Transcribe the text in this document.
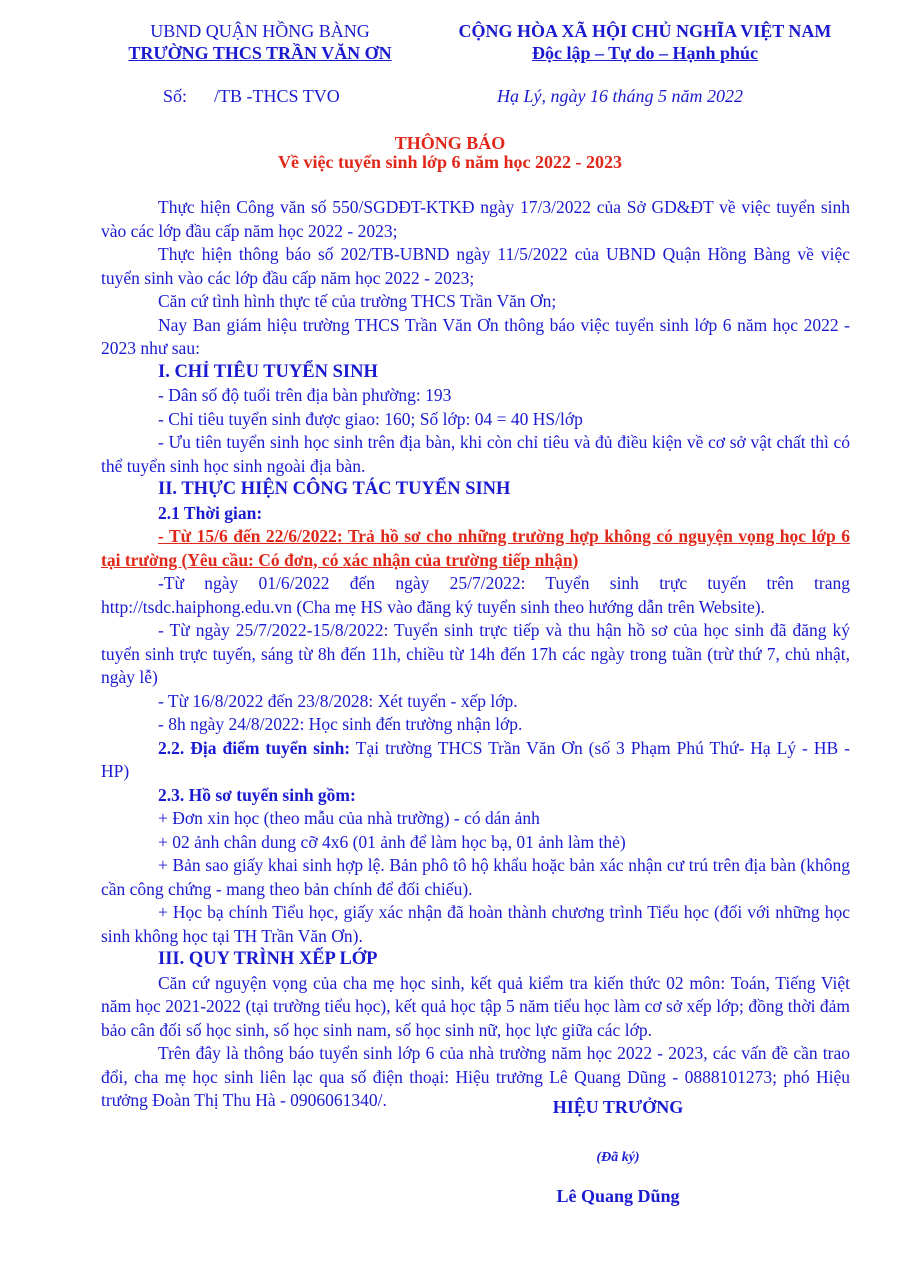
UBND QUẬN HỒNG BÀNG
TRƯỜNG THCS TRẦN VĂN ƠN
CỘNG HÒA XÃ HỘI CHỦ NGHĨA VIỆT NAM
Độc lập – Tự do – Hạnh phúc
Số:      /TB -THCS TVO	Hạ Lý, ngày 16 tháng 5 năm 2022
THÔNG BÁO
Về việc tuyển sinh lớp 6 năm học 2022 - 2023

Thực hiện Công văn số 550/SGDĐT-KTKĐ ngày 17/3/2022 của Sở GD&ĐT về việc tuyển sinh vào các lớp đầu cấp năm học 2022 - 2023;

Thực hiện thông báo số 202/TB-UBND ngày 11/5/2022 của UBND Quận Hồng Bàng về việc tuyển sinh vào các lớp đầu cấp năm học 2022 - 2023;

Căn cứ tình hình thực tế của trường THCS Trần Văn Ơn;

Nay Ban giám hiệu trường THCS Trần Văn Ơn thông báo việc tuyển sinh lớp 6 năm học 2022 - 2023 như sau:

I. CHỈ TIÊU TUYỂN SINH

- Dân số độ tuổi trên địa bàn phường: 193

- Chỉ tiêu tuyển sinh được giao: 160; Số lớp: 04 = 40 HS/lớp

- Ưu tiên tuyển sinh học sinh trên địa bàn, khi còn chỉ tiêu và đủ điều kiện về cơ sở vật chất thì có thể tuyển sinh học sinh ngoài địa bàn.

II. THỰC HIỆN CÔNG TÁC TUYỂN SINH

2.1 Thời gian:

- Từ 15/6 đến 22/6/2022: Trả hồ sơ cho những trường hợp không có nguyện vọng học lớp 6 tại trường (Yêu cầu: Có đơn, có xác nhận của trường tiếp nhận)

-Từ ngày 01/6/2022 đến ngày 25/7/2022: Tuyển sinh trực tuyến trên trang http://tsdc.haiphong.edu.vn (Cha mẹ HS vào đăng ký tuyển sinh theo hướng dẫn trên Website).

- Từ ngày 25/7/2022-15/8/2022: Tuyển sinh trực tiếp và thu hận hồ sơ của học sinh đã đăng ký tuyển sinh trực tuyến, sáng từ 8h đến 11h, chiều từ 14h đến 17h các ngày trong tuần (trừ thứ 7, chủ nhật, ngày lễ)

- Từ 16/8/2022 đến 23/8/2028: Xét tuyển - xếp lớp.

- 8h ngày 24/8/2022: Học sinh đến trường nhận lớp.

2.2. Địa điểm tuyển sinh: Tại trường THCS Trần Văn Ơn (số 3 Phạm Phú Thứ- Hạ Lý - HB - HP)

2.3. Hồ sơ tuyển sinh gồm:

+ Đơn xin học (theo mẫu của nhà trường) - có dán ảnh

+ 02 ảnh chân dung cỡ 4x6 (01 ảnh để làm học bạ, 01 ảnh làm thẻ)

+ Bản sao giấy khai sinh hợp lệ. Bản phô tô hộ khẩu hoặc bản xác nhận cư trú trên địa bàn (không cần công chứng - mang theo bản chính để đối chiếu).

+ Học bạ chính Tiểu học, giấy xác nhận đã hoàn thành chương trình Tiểu học (đối với những học sinh không học tại TH Trần Văn Ơn).

III. QUY TRÌNH XẾP LỚP

Căn cứ nguyện vọng của cha mẹ học sinh, kết quả kiểm tra kiến thức 02 môn: Toán, Tiếng Việt năm học 2021-2022 (tại trường tiểu học), kết quả học tập 5 năm tiểu học làm cơ sở xếp lớp; đồng thời đảm bảo cân đối số học sinh, số học sinh nam, số học sinh nữ, học lực giữa các lớp.

Trên đây là thông báo tuyển sinh lớp 6 của nhà trường năm học 2022 - 2023, các vấn đề cần trao đổi, cha mẹ học sinh liên lạc qua số điện thoại: Hiệu trưởng Lê Quang Dũng - 0888101273; phó Hiệu trưởng Đoàn Thị Thu Hà - 0906061340/.	HIỆU TRƯỞNG
(Đã ký)
Lê Quang Dũng
